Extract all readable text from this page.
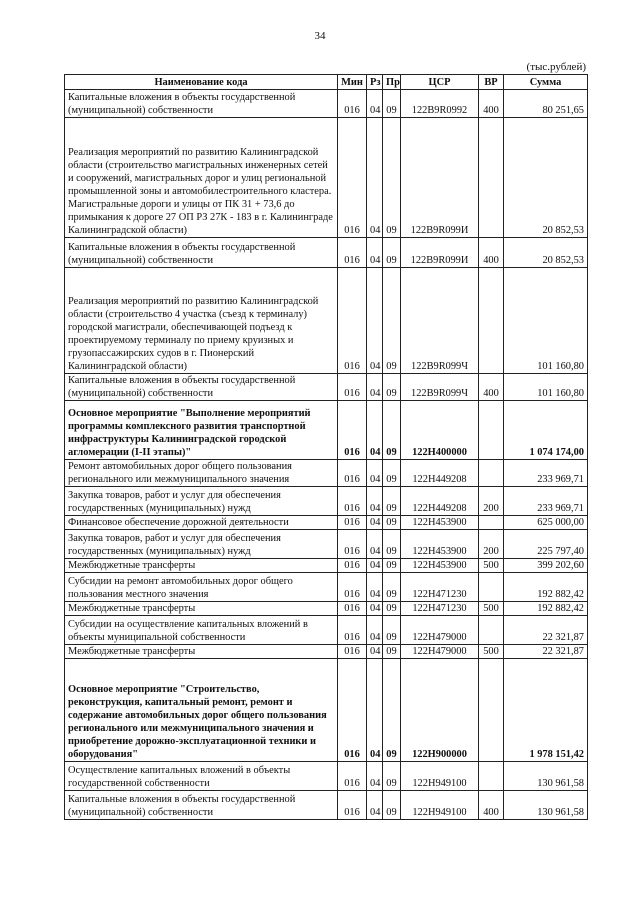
34
(тыс.рублей)
Наименование кода	Мин	Рз	Пр	ЦСР	ВР	Сумма
Капитальные вложения в объекты государственной (муниципальной) собственности	016	04	09	122В9R0992	400	80 251,65
Реализация мероприятий по развитию Калининградской области (строительство магистральных инженерных сетей и сооружений, магистральных дорог и улиц региональной промышленной зоны и автомобилестроительного кластера. Магистральные дороги и улицы от ПК 31 + 73,6 до примыкания к дороге 27 ОП РЗ 27К - 183 в г. Калининграде Калининградской области)	016	04	09	122В9R099И		20 852,53
Капитальные вложения в объекты государственной (муниципальной) собственности	016	04	09	122В9R099И	400	20 852,53
Реализация мероприятий по развитию Калининградской области (строительство 4 участка (съезд к терминалу) городской магистрали, обеспечивающей подъезд к проектируемому терминалу по приему круизных и грузопассажирских судов в г. Пионерский Калининградской области)	016	04	09	122В9R099Ч		101 160,80
Капитальные вложения в объекты государственной (муниципальной) собственности	016	04	09	122В9R099Ч	400	101 160,80
Основное мероприятие "Выполнение мероприятий программы комплексного развития транспортной инфраструктуры Калининградской городской агломерации (I-II этапы)"	016	04	09	122Н400000		1 074 174,00
Ремонт автомобильных дорог общего пользования регионального или межмуниципального значения	016	04	09	122Н449208		233 969,71
Закупка товаров, работ и услуг для обеспечения государственных (муниципальных) нужд	016	04	09	122Н449208	200	233 969,71
Финансовое обеспечение дорожной деятельности	016	04	09	122Н453900		625 000,00
Закупка товаров, работ и услуг для обеспечения государственных (муниципальных) нужд	016	04	09	122Н453900	200	225 797,40
Межбюджетные трансферты	016	04	09	122Н453900	500	399 202,60
Субсидии на ремонт автомобильных дорог общего пользования местного значения	016	04	09	122Н471230		192 882,42
Межбюджетные трансферты	016	04	09	122Н471230	500	192 882,42
Субсидии на осуществление капитальных вложений в объекты муниципальной собственности	016	04	09	122Н479000		22 321,87
Межбюджетные трансферты	016	04	09	122Н479000	500	22 321,87
Основное мероприятие "Строительство, реконструкция, капитальный ремонт, ремонт и содержание автомобильных дорог общего пользования регионального или межмуниципального значения и приобретение дорожно-эксплуатационной техники и оборудования"	016	04	09	122Н900000		1 978 151,42
Осуществление капитальных вложений в объекты государственной собственности	016	04	09	122Н949100		130 961,58
Капитальные вложения в объекты государственной (муниципальной) собственности	016	04	09	122Н949100	400	130 961,58
